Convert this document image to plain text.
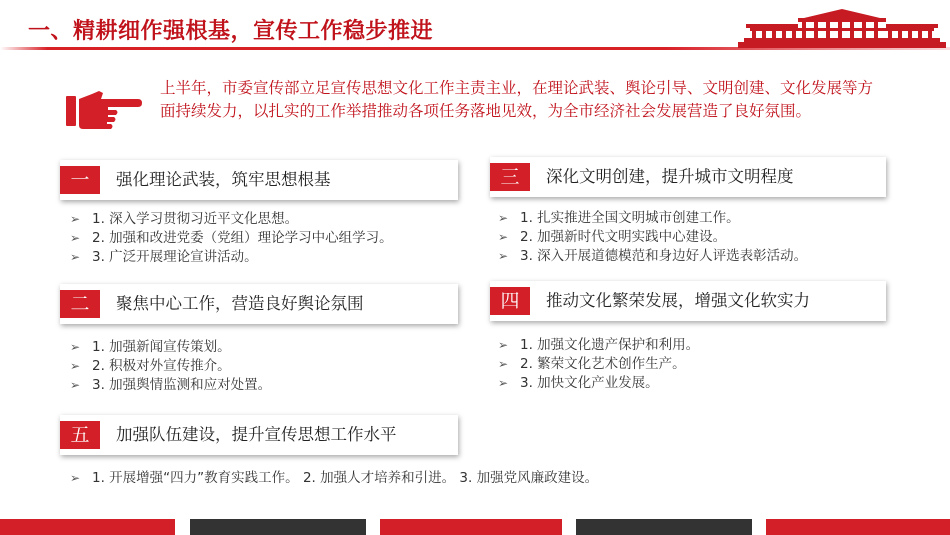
一、精耕细作强根基，宣传工作稳步推进
上半年，市委宣传部立足宣传思想文化工作主责主业，在理论武装、舆论引导、文明创建、文化发展等方面持续发力，以扎实的工作举措推动各项任务落地见效，为全市经济社会发展营造了良好氛围。
一	强化理论武装，筑牢思想根基
➢ 1. 深入学习贯彻习近平文化思想。
➢ 2. 加强和改进党委（党组）理论学习中心组学习。
➢ 3. 广泛开展理论宣讲活动。
二	聚焦中心工作，营造良好舆论氛围
➢ 1. 加强新闻宣传策划。
➢ 2. 积极对外宣传推介。
➢ 3. 加强舆情监测和应对处置。
三	深化文明创建，提升城市文明程度
➢ 1. 扎实推进全国文明城市创建工作。
➢ 2. 加强新时代文明实践中心建设。
➢ 3. 深入开展道德模范和身边好人评选表彰活动。
四	推动文化繁荣发展，增强文化软实力
➢ 1. 加强文化遗产保护和利用。
➢ 2. 繁荣文化艺术创作生产。
➢ 3. 加快文化产业发展。
五	加强队伍建设，提升宣传思想工作水平
➢ 1. 开展增强“四力”教育实践工作。 2. 加强人才培养和引进。 3. 加强党风廉政建设。
